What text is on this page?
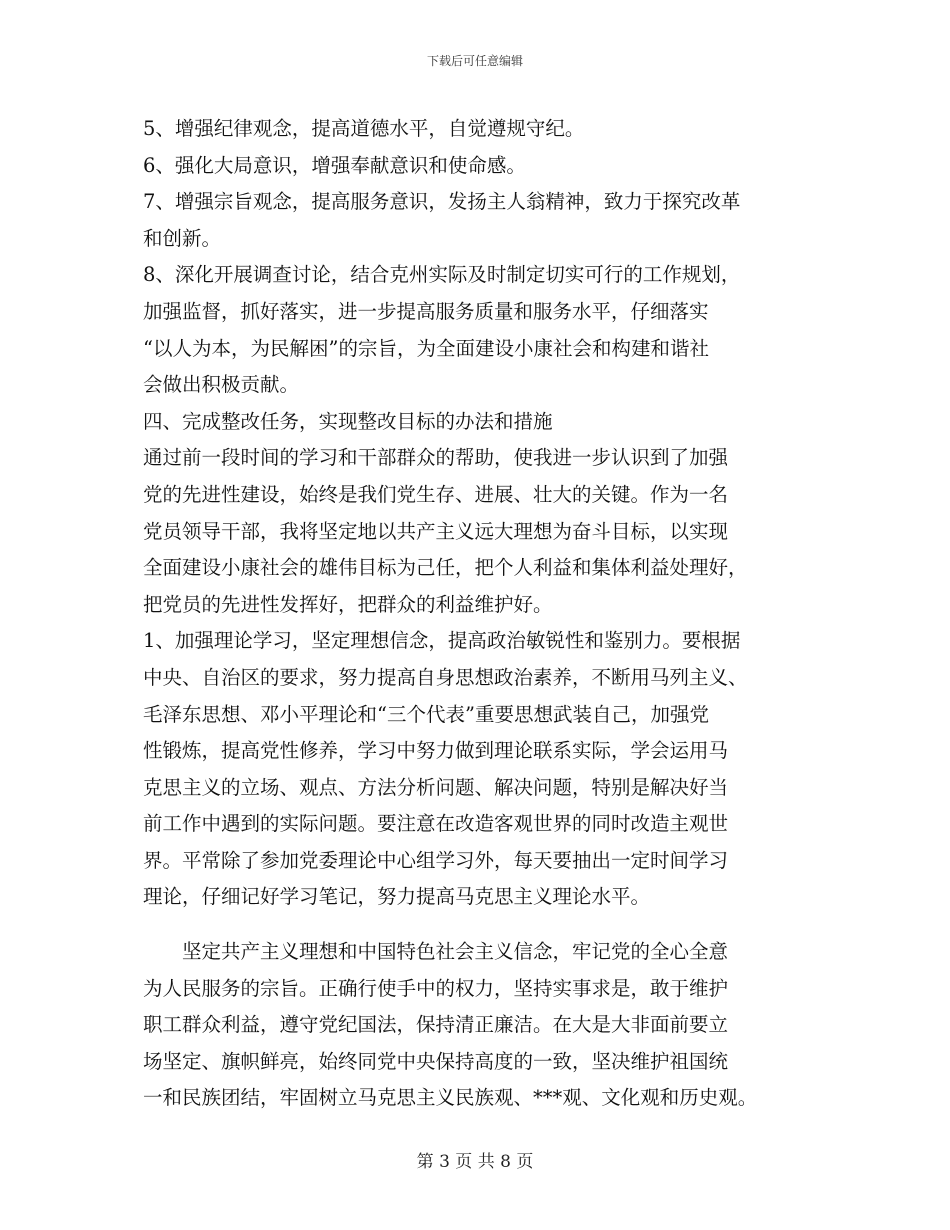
下载后可任意编辑
5、增强纪律观念，提高道德水平，自觉遵规守纪。
6、强化大局意识，增强奉献意识和使命感。
7、增强宗旨观念，提高服务意识，发扬主人翁精神，致力于探究改革
和创新。
8、深化开展调查讨论，结合克州实际及时制定切实可行的工作规划，
加强监督，抓好落实，进一步提高服务质量和服务水平，仔细落实
“以人为本，为民解困”的宗旨，为全面建设小康社会和构建和谐社
会做出积极贡献。
四、完成整改任务，实现整改目标的办法和措施
通过前一段时间的学习和干部群众的帮助，使我进一步认识到了加强
党的先进性建设，始终是我们党生存、进展、壮大的关键。作为一名
党员领导干部，我将坚定地以共产主义远大理想为奋斗目标，以实现
全面建设小康社会的雄伟目标为己任，把个人利益和集体利益处理好，
把党员的先进性发挥好，把群众的利益维护好。
1、加强理论学习，坚定理想信念，提高政治敏锐性和鉴别力。要根据
中央、自治区的要求，努力提高自身思想政治素养，不断用马列主义、
毛泽东思想、邓小平理论和“三个代表”重要思想武装自己，加强党
性锻炼，提高党性修养，学习中努力做到理论联系实际，学会运用马
克思主义的立场、观点、方法分析问题、解决问题，特别是解决好当
前工作中遇到的实际问题。要注意在改造客观世界的同时改造主观世
界。平常除了参加党委理论中心组学习外，每天要抽出一定时间学习
理论，仔细记好学习笔记，努力提高马克思主义理论水平。
坚定共产主义理想和中国特色社会主义信念，牢记党的全心全意
为人民服务的宗旨。正确行使手中的权力，坚持实事求是，敢于维护
职工群众利益，遵守党纪国法，保持清正廉洁。在大是大非面前要立
场坚定、旗帜鲜亮，始终同党中央保持高度的一致，坚决维护祖国统
一和民族团结，牢固树立马克思主义民族观、***观、文化观和历史观。
第 3 页 共 8 页
